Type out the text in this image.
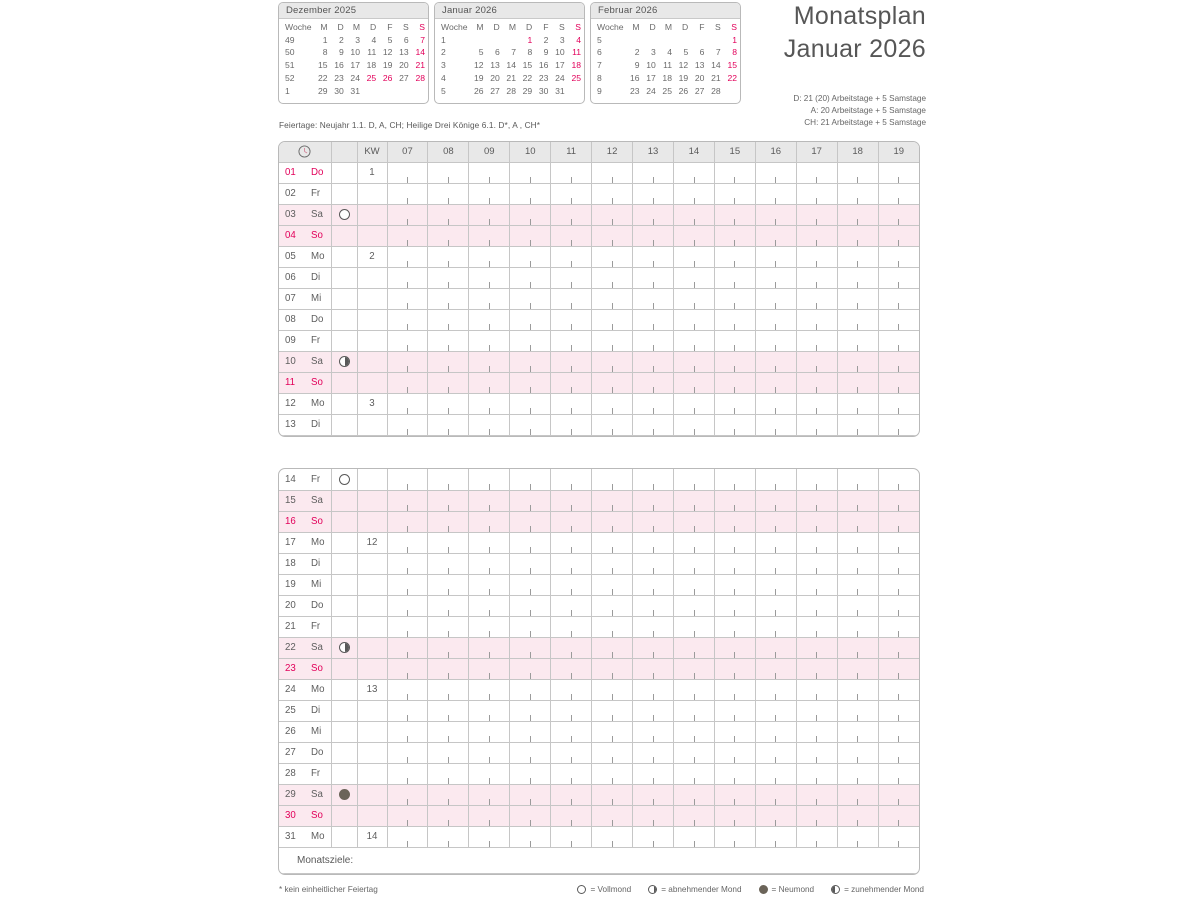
Dezember 2025
Woche	M	D	M	D	F	S	S
49	1	2	3	4	5	6	7
50	8	9	10	11	12	13	14
51	15	16	17	18	19	20	21
52	22	23	24	25	26	27	28
1	29	30	31				
Januar 2026
Woche	M	D	M	D	F	S	S
1				1	2	3	4
2	5	6	7	8	9	10	11
3	12	13	14	15	16	17	18
4	19	20	21	22	23	24	25
5	26	27	28	29	30	31	
Februar 2026
Woche	M	D	M	D	F	S	S
5							1
6	2	3	4	5	6	7	8
7	9	10	11	12	13	14	15
8	16	17	18	19	20	21	22
9	23	24	25	26	27	28	
Monatsplan
Januar 2026
D: 21 (20) Arbeitstage + 5 Samstage
A: 20 Arbeitstage + 5 Samstage
CH: 21 Arbeitstage + 5 Samstage
Feiertage: Neujahr 1.1. D, A, CH; Heilige Drei Könige 6.1. D*, A , CH*
		KW	07	08	09	10	11	12	13	14	15	16	17	18	19
01 Do		1	

02 Fr			

03 Sa			

04 So			

05 Mo		2	

06 Di			

07 Mi			

08 Do			

09 Fr			

10 Sa			

11 So			

12 Mo		3	

13 Di			

14 Fr			

15 Sa			

16 So			

17 Mo		12	

18 Di			

19 Mi			

20 Do			

21 Fr			

22 Sa			

23 So			

24 Mo		13	

25 Di			

26 Mi			

27 Do			

28 Fr			

29 Sa			

30 So			

31 Mo		14	

Monatsziele:															
* kein einheitlicher Feiertag	= Vollmond	= abnehmender Mond	= Neumond	= zunehmender Mond
